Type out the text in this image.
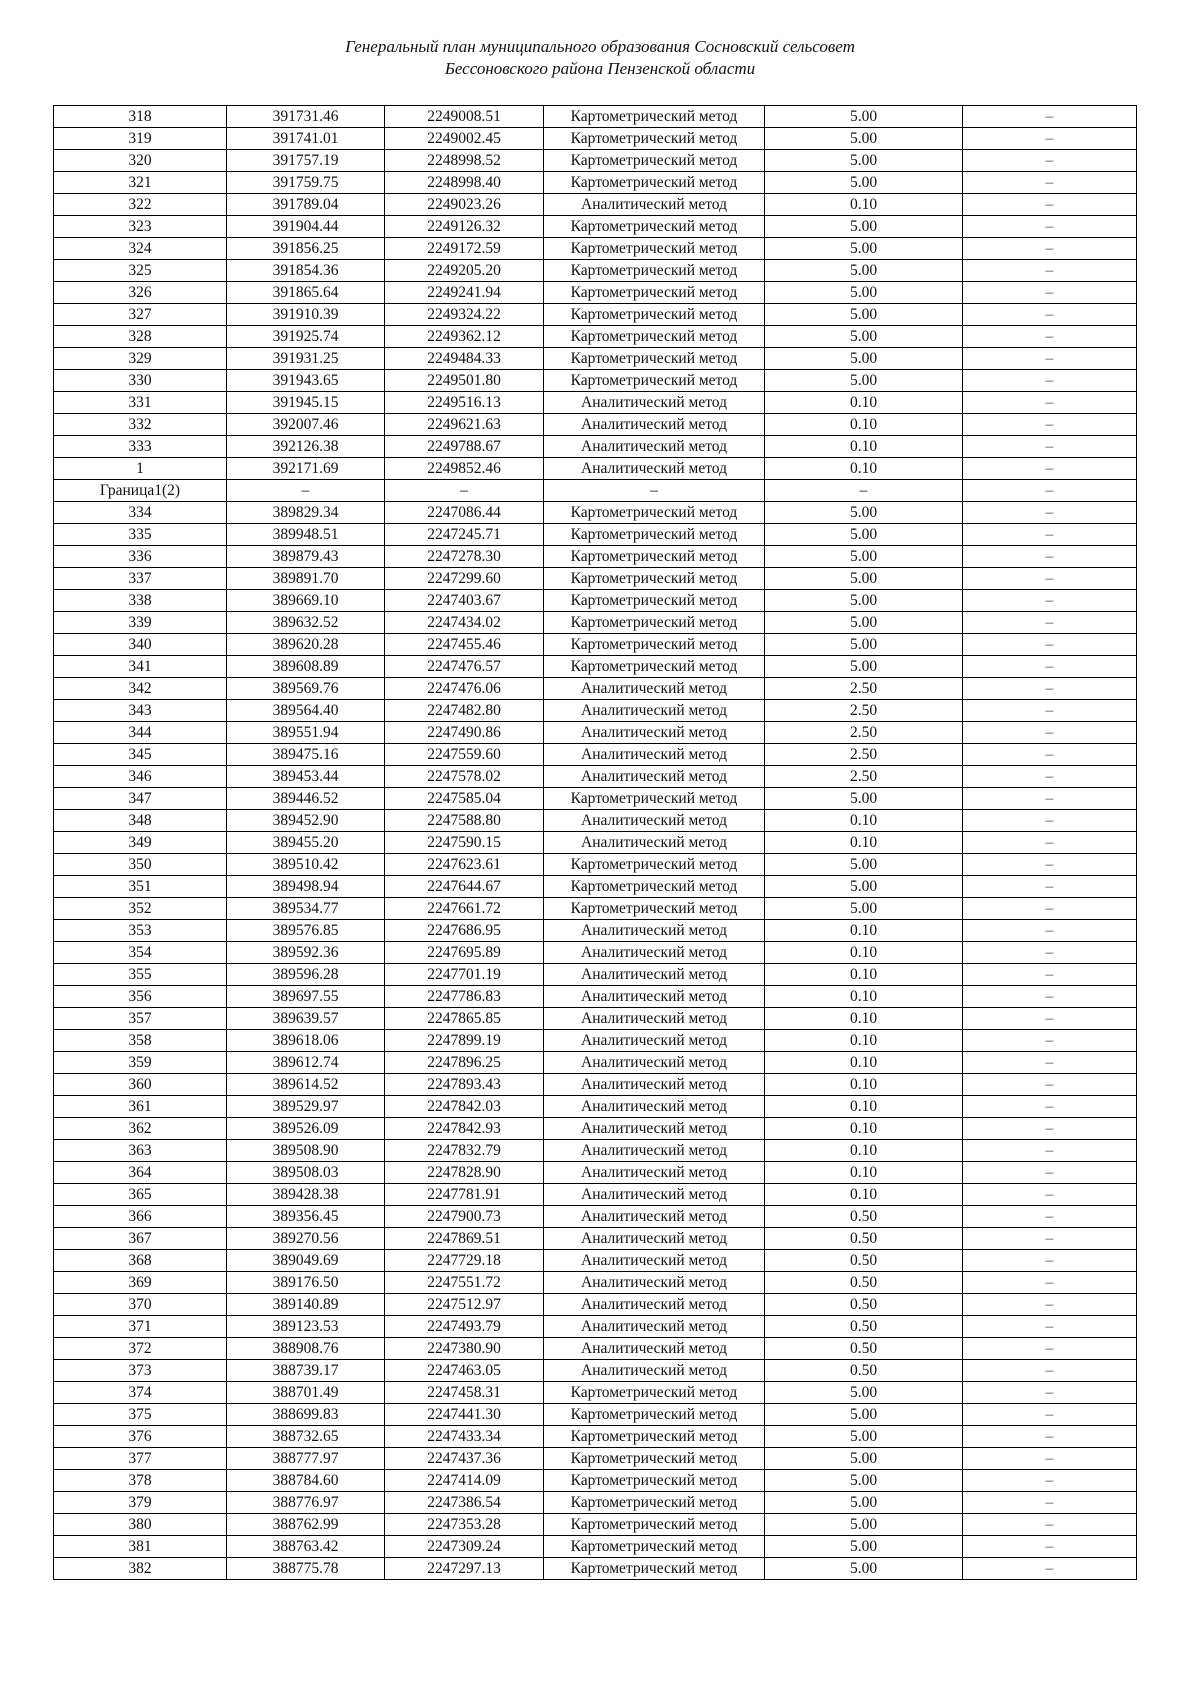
Генеральный план муниципального образования Сосновский сельсовет
Бессоновского района Пензенской области
318	391731.46	2249008.51	Картометрический метод	5.00	–
319	391741.01	2249002.45	Картометрический метод	5.00	–
320	391757.19	2248998.52	Картометрический метод	5.00	–
321	391759.75	2248998.40	Картометрический метод	5.00	–
322	391789.04	2249023.26	Аналитический метод	0.10	–
323	391904.44	2249126.32	Картометрический метод	5.00	–
324	391856.25	2249172.59	Картометрический метод	5.00	–
325	391854.36	2249205.20	Картометрический метод	5.00	–
326	391865.64	2249241.94	Картометрический метод	5.00	–
327	391910.39	2249324.22	Картометрический метод	5.00	–
328	391925.74	2249362.12	Картометрический метод	5.00	–
329	391931.25	2249484.33	Картометрический метод	5.00	–
330	391943.65	2249501.80	Картометрический метод	5.00	–
331	391945.15	2249516.13	Аналитический метод	0.10	–
332	392007.46	2249621.63	Аналитический метод	0.10	–
333	392126.38	2249788.67	Аналитический метод	0.10	–
1	392171.69	2249852.46	Аналитический метод	0.10	–
Граница1(2)	–	–	–	–	–
334	389829.34	2247086.44	Картометрический метод	5.00	–
335	389948.51	2247245.71	Картометрический метод	5.00	–
336	389879.43	2247278.30	Картометрический метод	5.00	–
337	389891.70	2247299.60	Картометрический метод	5.00	–
338	389669.10	2247403.67	Картометрический метод	5.00	–
339	389632.52	2247434.02	Картометрический метод	5.00	–
340	389620.28	2247455.46	Картометрический метод	5.00	–
341	389608.89	2247476.57	Картометрический метод	5.00	–
342	389569.76	2247476.06	Аналитический метод	2.50	–
343	389564.40	2247482.80	Аналитический метод	2.50	–
344	389551.94	2247490.86	Аналитический метод	2.50	–
345	389475.16	2247559.60	Аналитический метод	2.50	–
346	389453.44	2247578.02	Аналитический метод	2.50	–
347	389446.52	2247585.04	Картометрический метод	5.00	–
348	389452.90	2247588.80	Аналитический метод	0.10	–
349	389455.20	2247590.15	Аналитический метод	0.10	–
350	389510.42	2247623.61	Картометрический метод	5.00	–
351	389498.94	2247644.67	Картометрический метод	5.00	–
352	389534.77	2247661.72	Картометрический метод	5.00	–
353	389576.85	2247686.95	Аналитический метод	0.10	–
354	389592.36	2247695.89	Аналитический метод	0.10	–
355	389596.28	2247701.19	Аналитический метод	0.10	–
356	389697.55	2247786.83	Аналитический метод	0.10	–
357	389639.57	2247865.85	Аналитический метод	0.10	–
358	389618.06	2247899.19	Аналитический метод	0.10	–
359	389612.74	2247896.25	Аналитический метод	0.10	–
360	389614.52	2247893.43	Аналитический метод	0.10	–
361	389529.97	2247842.03	Аналитический метод	0.10	–
362	389526.09	2247842.93	Аналитический метод	0.10	–
363	389508.90	2247832.79	Аналитический метод	0.10	–
364	389508.03	2247828.90	Аналитический метод	0.10	–
365	389428.38	2247781.91	Аналитический метод	0.10	–
366	389356.45	2247900.73	Аналитический метод	0.50	–
367	389270.56	2247869.51	Аналитический метод	0.50	–
368	389049.69	2247729.18	Аналитический метод	0.50	–
369	389176.50	2247551.72	Аналитический метод	0.50	–
370	389140.89	2247512.97	Аналитический метод	0.50	–
371	389123.53	2247493.79	Аналитический метод	0.50	–
372	388908.76	2247380.90	Аналитический метод	0.50	–
373	388739.17	2247463.05	Аналитический метод	0.50	–
374	388701.49	2247458.31	Картометрический метод	5.00	–
375	388699.83	2247441.30	Картометрический метод	5.00	–
376	388732.65	2247433.34	Картометрический метод	5.00	–
377	388777.97	2247437.36	Картометрический метод	5.00	–
378	388784.60	2247414.09	Картометрический метод	5.00	–
379	388776.97	2247386.54	Картометрический метод	5.00	–
380	388762.99	2247353.28	Картометрический метод	5.00	–
381	388763.42	2247309.24	Картометрический метод	5.00	–
382	388775.78	2247297.13	Картометрический метод	5.00	–
